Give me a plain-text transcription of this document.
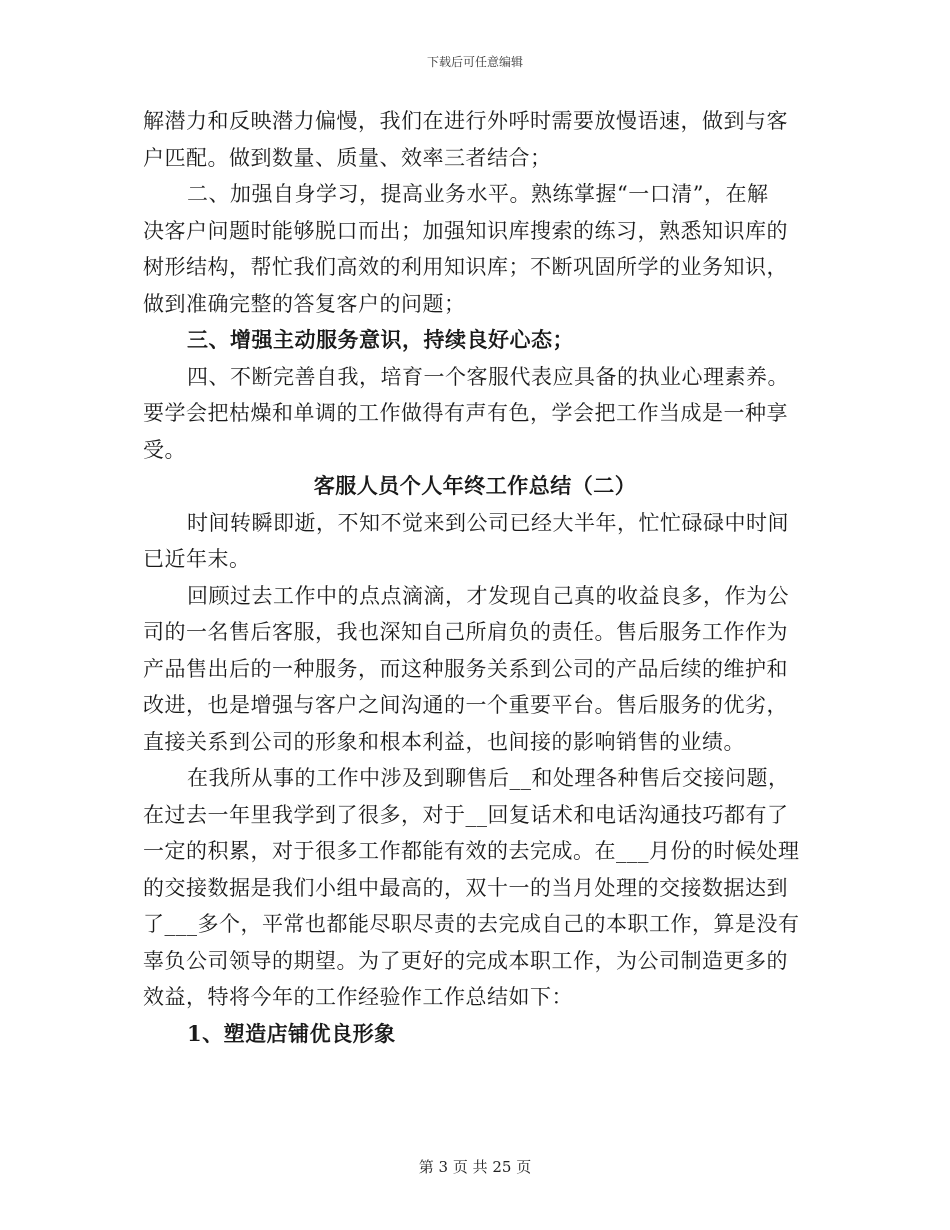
下载后可任意编辑
解潜力和反映潜力偏慢，我们在进行外呼时需要放慢语速，做到与客
户匹配。做到数量、质量、效率三者结合；
二、加强自身学习，提高业务水平。熟练掌握“一口清”，在解
决客户问题时能够脱口而出；加强知识库搜索的练习，熟悉知识库的
树形结构，帮忙我们高效的利用知识库；不断巩固所学的业务知识，
做到准确完整的答复客户的问题；
三、增强主动服务意识，持续良好心态；
四、不断完善自我，培育一个客服代表应具备的执业心理素养。
要学会把枯燥和单调的工作做得有声有色，学会把工作当成是一种享
受。
客服人员个人年终工作总结（二）
时间转瞬即逝，不知不觉来到公司已经大半年，忙忙碌碌中时间
已近年末。
回顾过去工作中的点点滴滴，才发现自己真的收益良多，作为公
司的一名售后客服，我也深知自己所肩负的责任。售后服务工作作为
产品售出后的一种服务，而这种服务关系到公司的产品后续的维护和
改进，也是增强与客户之间沟通的一个重要平台。售后服务的优劣，
直接关系到公司的形象和根本利益，也间接的影响销售的业绩。
在我所从事的工作中涉及到聊售后__和处理各种售后交接问题，
在过去一年里我学到了很多，对于__回复话术和电话沟通技巧都有了
一定的积累，对于很多工作都能有效的去完成。在___月份的时候处理
的交接数据是我们小组中最高的，双十一的当月处理的交接数据达到
了___多个，平常也都能尽职尽责的去完成自己的本职工作，算是没有
辜负公司领导的期望。为了更好的完成本职工作，为公司制造更多的
效益，特将今年的工作经验作工作总结如下：
1、塑造店铺优良形象
第 3 页 共 25 页
